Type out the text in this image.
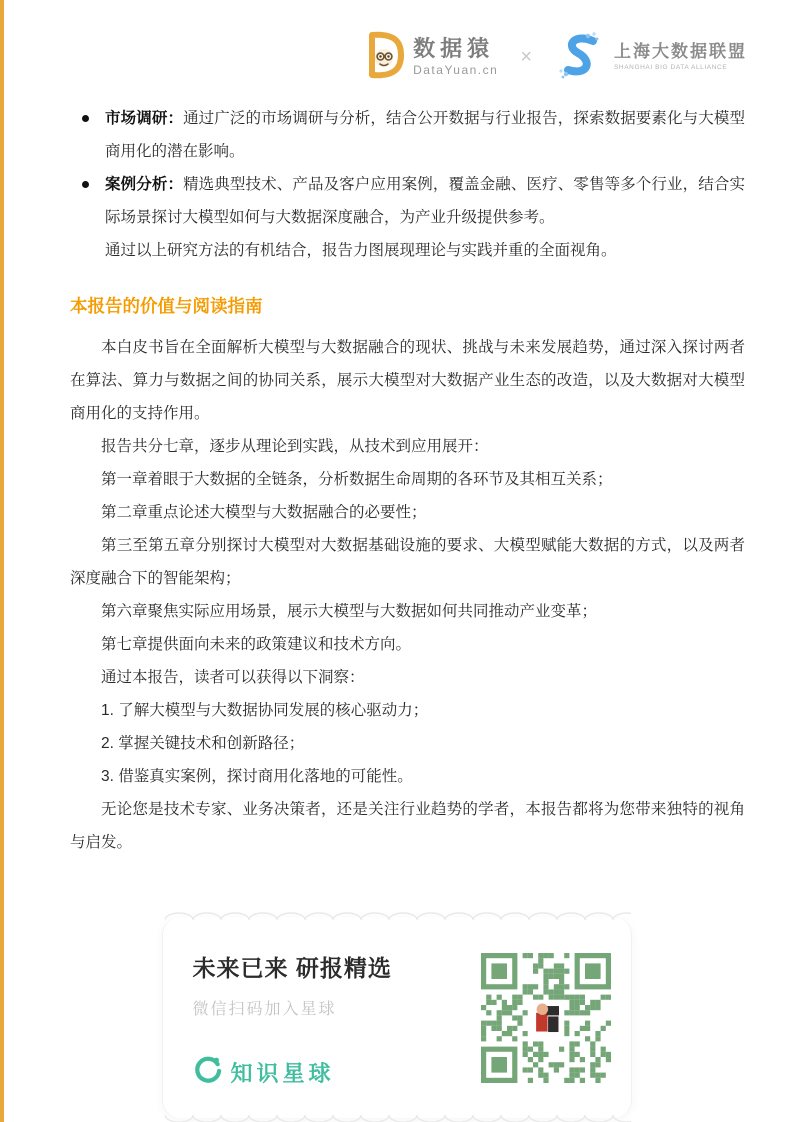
数据猿
DataYuan.cn
×	上海大数据联盟
SHANGHAI BIG DATA ALLIANCE
市场调研：通过广泛的市场调研与分析，结合公开数据与行业报告，探索数据要素化与大模型商用化的潜在影响。
案例分析：精选典型技术、产品及客户应用案例，覆盖金融、医疗、零售等多个行业，结合实际场景探讨大模型如何与大数据深度融合，为产业升级提供参考。

通过以上研究方法的有机结合，报告力图展现理论与实践并重的全面视角。

本报告的价值与阅读指南

本白皮书旨在全面解析大模型与大数据融合的现状、挑战与未来发展趋势，通过深入探讨两者在算法、算力与数据之间的协同关系，展示大模型对大数据产业生态的改造，以及大数据对大模型商用化的支持作用。

报告共分七章，逐步从理论到实践，从技术到应用展开：

第一章着眼于大数据的全链条，分析数据生命周期的各环节及其相互关系；

第二章重点论述大模型与大数据融合的必要性；

第三至第五章分别探讨大模型对大数据基础设施的要求、大模型赋能大数据的方式，以及两者深度融合下的智能架构；

第六章聚焦实际应用场景，展示大模型与大数据如何共同推动产业变革；

第七章提供面向未来的政策建议和技术方向。

通过本报告，读者可以获得以下洞察：

1. 了解大模型与大数据协同发展的核心驱动力；

2. 掌握关键技术和创新路径；

3. 借鉴真实案例，探讨商用化落地的可能性。

无论您是技术专家、业务决策者，还是关注行业趋势的学者，本报告都将为您带来独特的视角与启发。

未来已来 研报精选
微信扫码加入星球
知识星球
